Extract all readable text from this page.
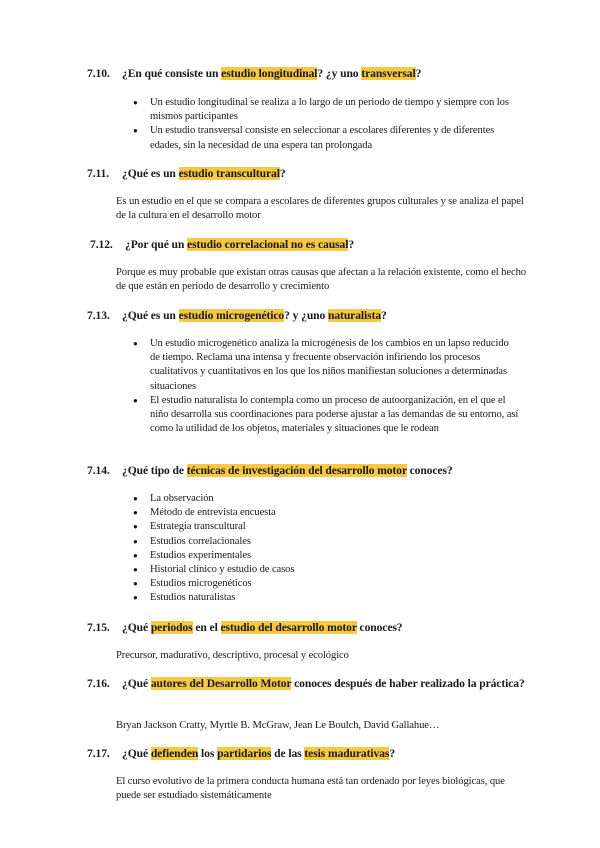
7.10. ¿En qué consiste un estudio longitudinal? ¿y uno transversal?
● Un estudio longitudinal se realiza a lo largo de un periodo de tiempo y siempre con los mismos participantes
● Un estudio transversal consiste en seleccionar a escolares diferentes y de diferentes edades, sin la necesidad de una espera tan prolongada
7.11. ¿Qué es un estudio transcultural?
Es un estudio en el que se compara a escolares de diferentes grupos culturales y se analiza el papel de la cultura en el desarrollo motor
7.12. ¿Por qué un estudio correlacional no es causal?
Porque es muy probable que existan otras causas que afectan a la relación existente, como el hecho de que están en periodo de desarrollo y crecimiento
7.13. ¿Qué es un estudio microgenético? y ¿uno naturalista?
● Un estudio microgenético analiza la microgénesis de los cambios en un lapso reducido de tiempo. Reclama una intensa y frecuente observación infiriendo los procesos cualitativos y cuantitativos en los que los niños manifiestan soluciones a determinadas situaciones
● El estudio naturalista lo contempla como un proceso de autoorganización, en el que el niño desarrolla sus coordinaciones para poderse ajustar a las demandas de su entorno, así como la utilidad de los objetos, materiales y situaciones que le rodean
7.14. ¿Qué tipo de técnicas de investigación del desarrollo motor conoces?
● La observación
● Método de entrevista encuesta
● Estrategia transcultural
● Estudios correlacionales
● Estudios experimentales
● Historial clínico y estudio de casos
● Estudios microgenéticos
● Estudios naturalistas
7.15. ¿Qué periodos en el estudio del desarrollo motor conoces?
Precursor, madurativo, descriptivo, procesal y ecológico
7.16. ¿Qué autores del Desarrollo Motor conoces después de haber realizado la práctica?
Bryan Jackson Cratty, Myrtle B. McGraw, Jean Le Boulch, David Gallahue…
7.17. ¿Qué defienden los partidarios de las tesis madurativas?
El curso evolutivo de la primera conducta humana está tan ordenado por leyes biológicas, que puede ser estudiado sistemáticamente
